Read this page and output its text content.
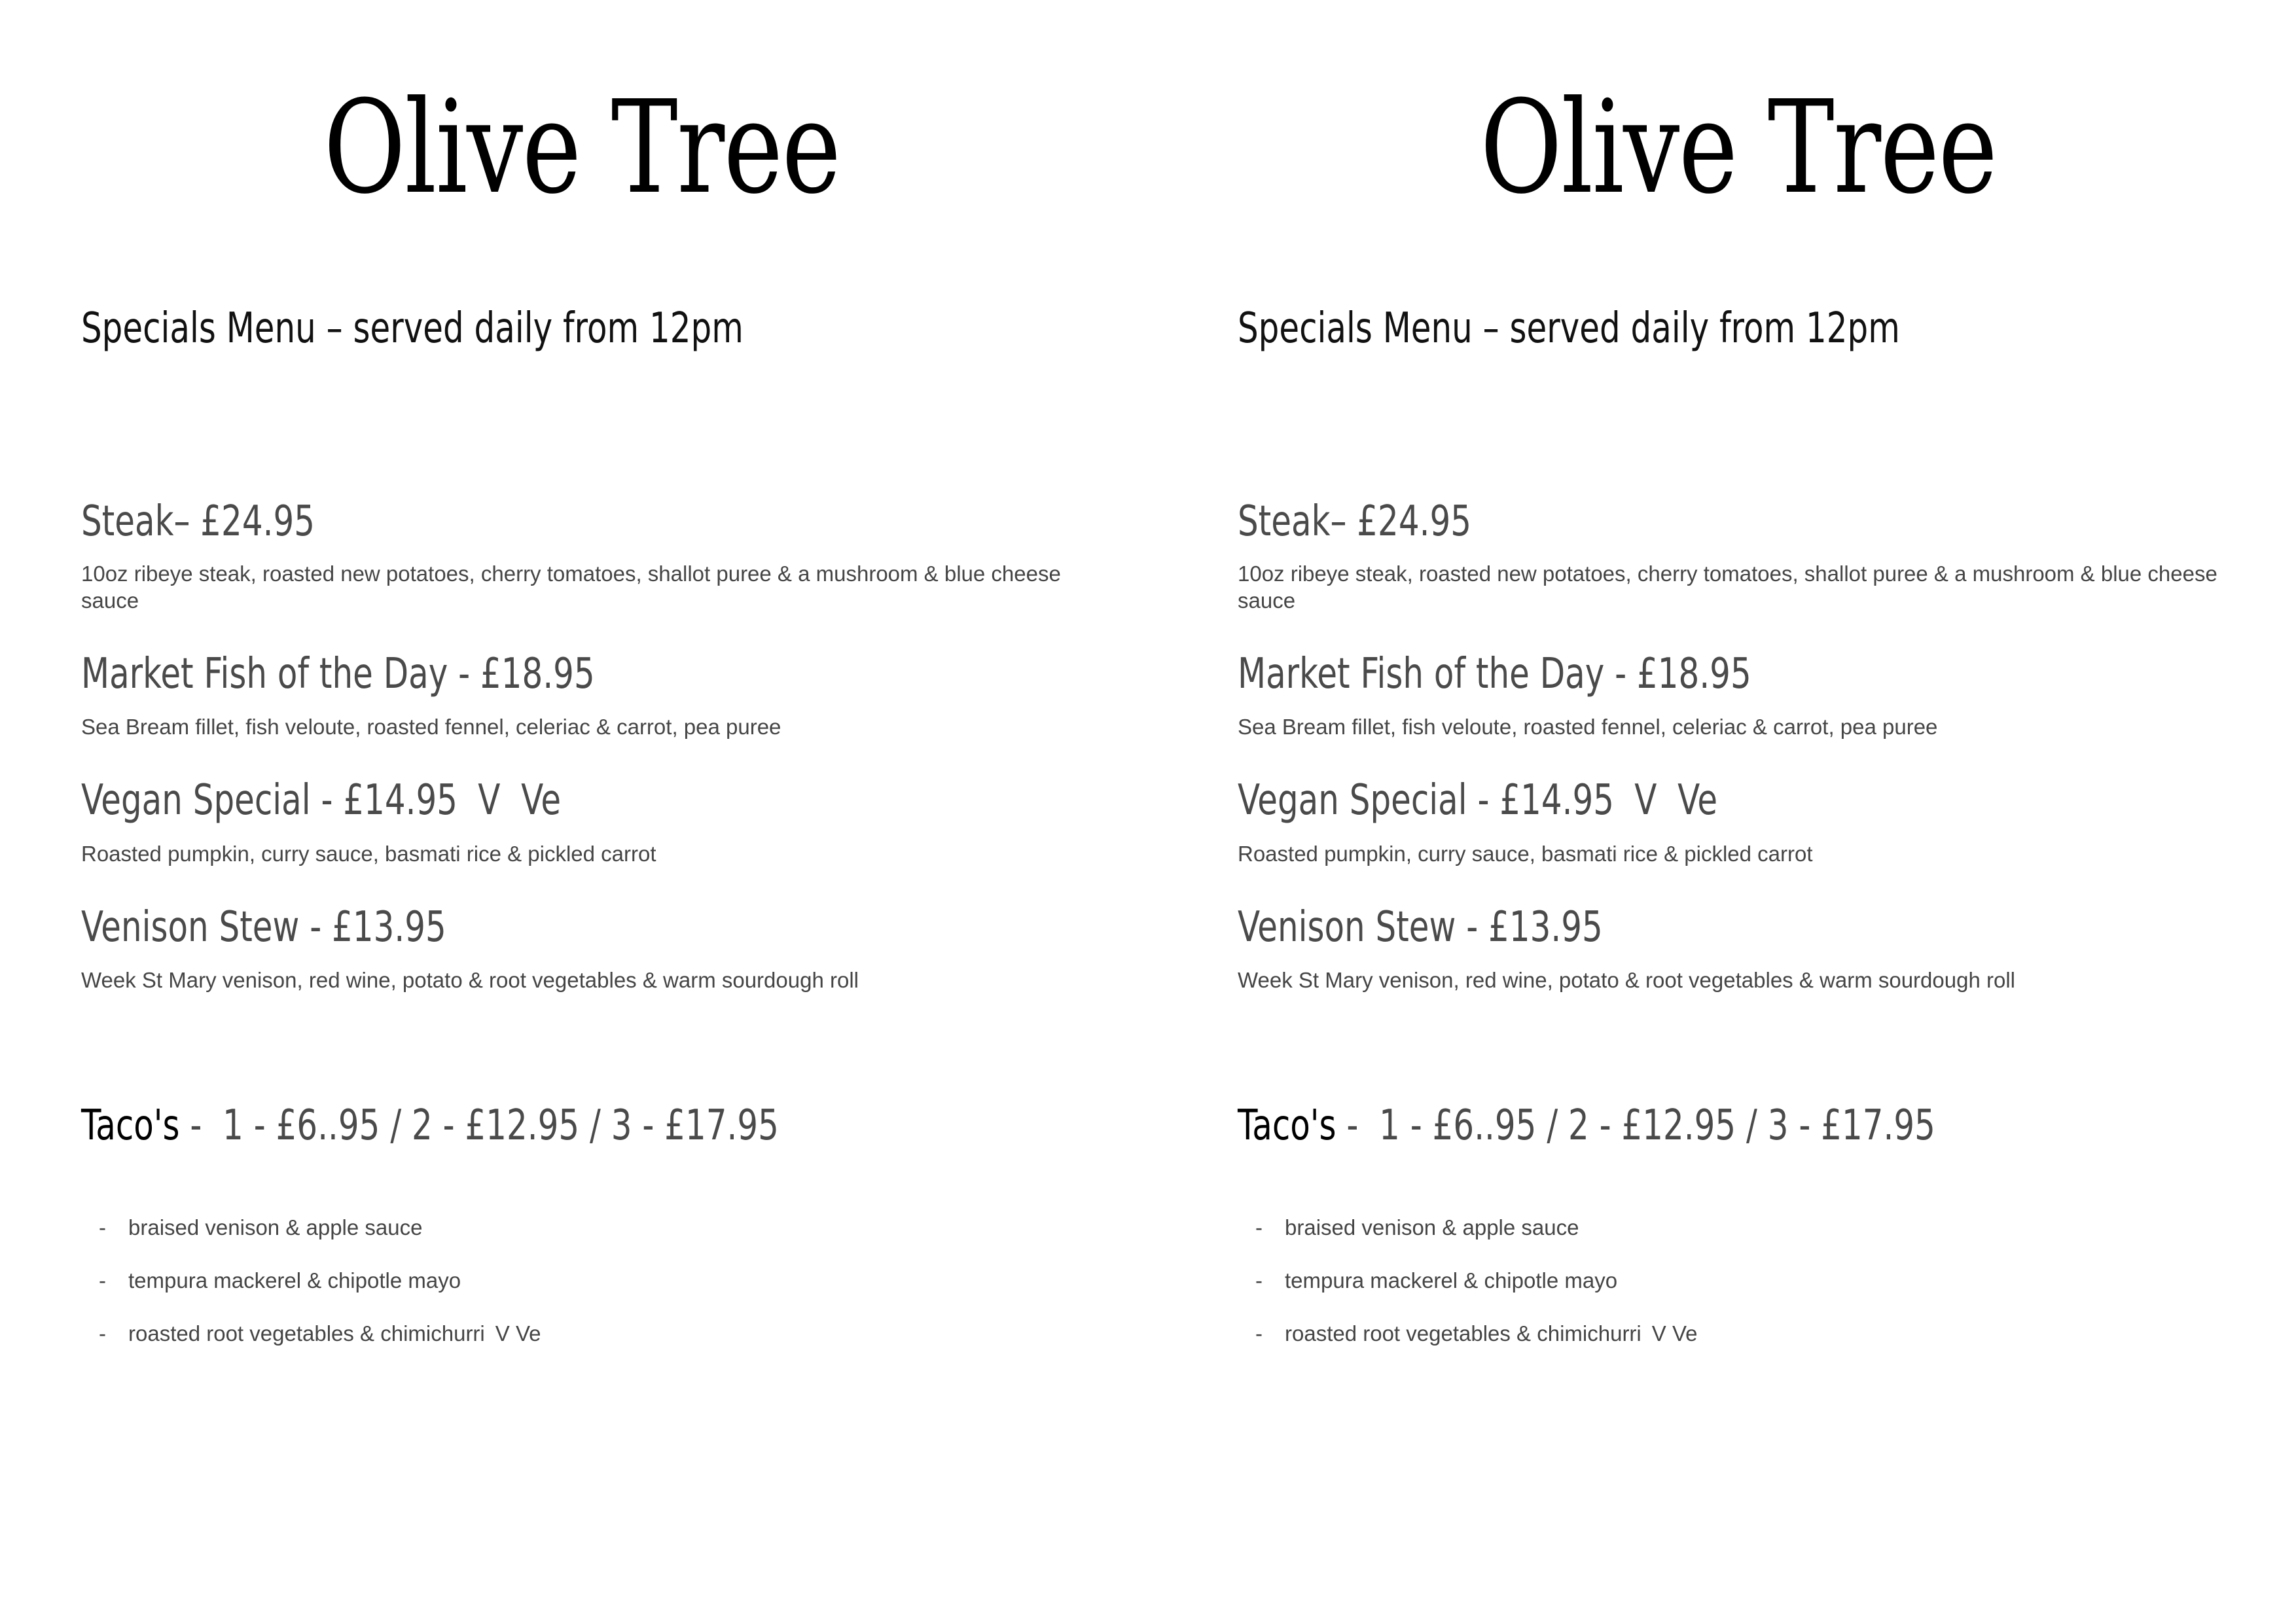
Olive Tree
Specials Menu – served daily from 12pm
Steak– £24.95
10oz ribeye steak, roasted new potatoes, cherry tomatoes, shallot puree & a mushroom & blue cheese sauce
Market Fish of the Day - £18.95
Sea Bream fillet, fish veloute, roasted fennel, celeriac & carrot, pea puree
Vegan Special - £14.95 V  Ve
Roasted pumpkin, curry sauce, basmati rice & pickled carrot
Venison Stew - £13.95
Week St Mary venison, red wine, potato & root vegetables & warm sourdough roll
Taco's -  1 - £6..95 / 2 - £12.95 / 3 - £17.95
- braised venison & apple sauce
- tempura mackerel & chipotle mayo
- roasted root vegetables & chimichurri V Ve
Olive Tree
Specials Menu – served daily from 12pm
Steak– £24.95
10oz ribeye steak, roasted new potatoes, cherry tomatoes, shallot puree & a mushroom & blue cheese sauce
Market Fish of the Day - £18.95
Sea Bream fillet, fish veloute, roasted fennel, celeriac & carrot, pea puree
Vegan Special - £14.95 V  Ve
Roasted pumpkin, curry sauce, basmati rice & pickled carrot
Venison Stew - £13.95
Week St Mary venison, red wine, potato & root vegetables & warm sourdough roll
Taco's -  1 - £6..95 / 2 - £12.95 / 3 - £17.95
- braised venison & apple sauce
- tempura mackerel & chipotle mayo
- roasted root vegetables & chimichurri V Ve
